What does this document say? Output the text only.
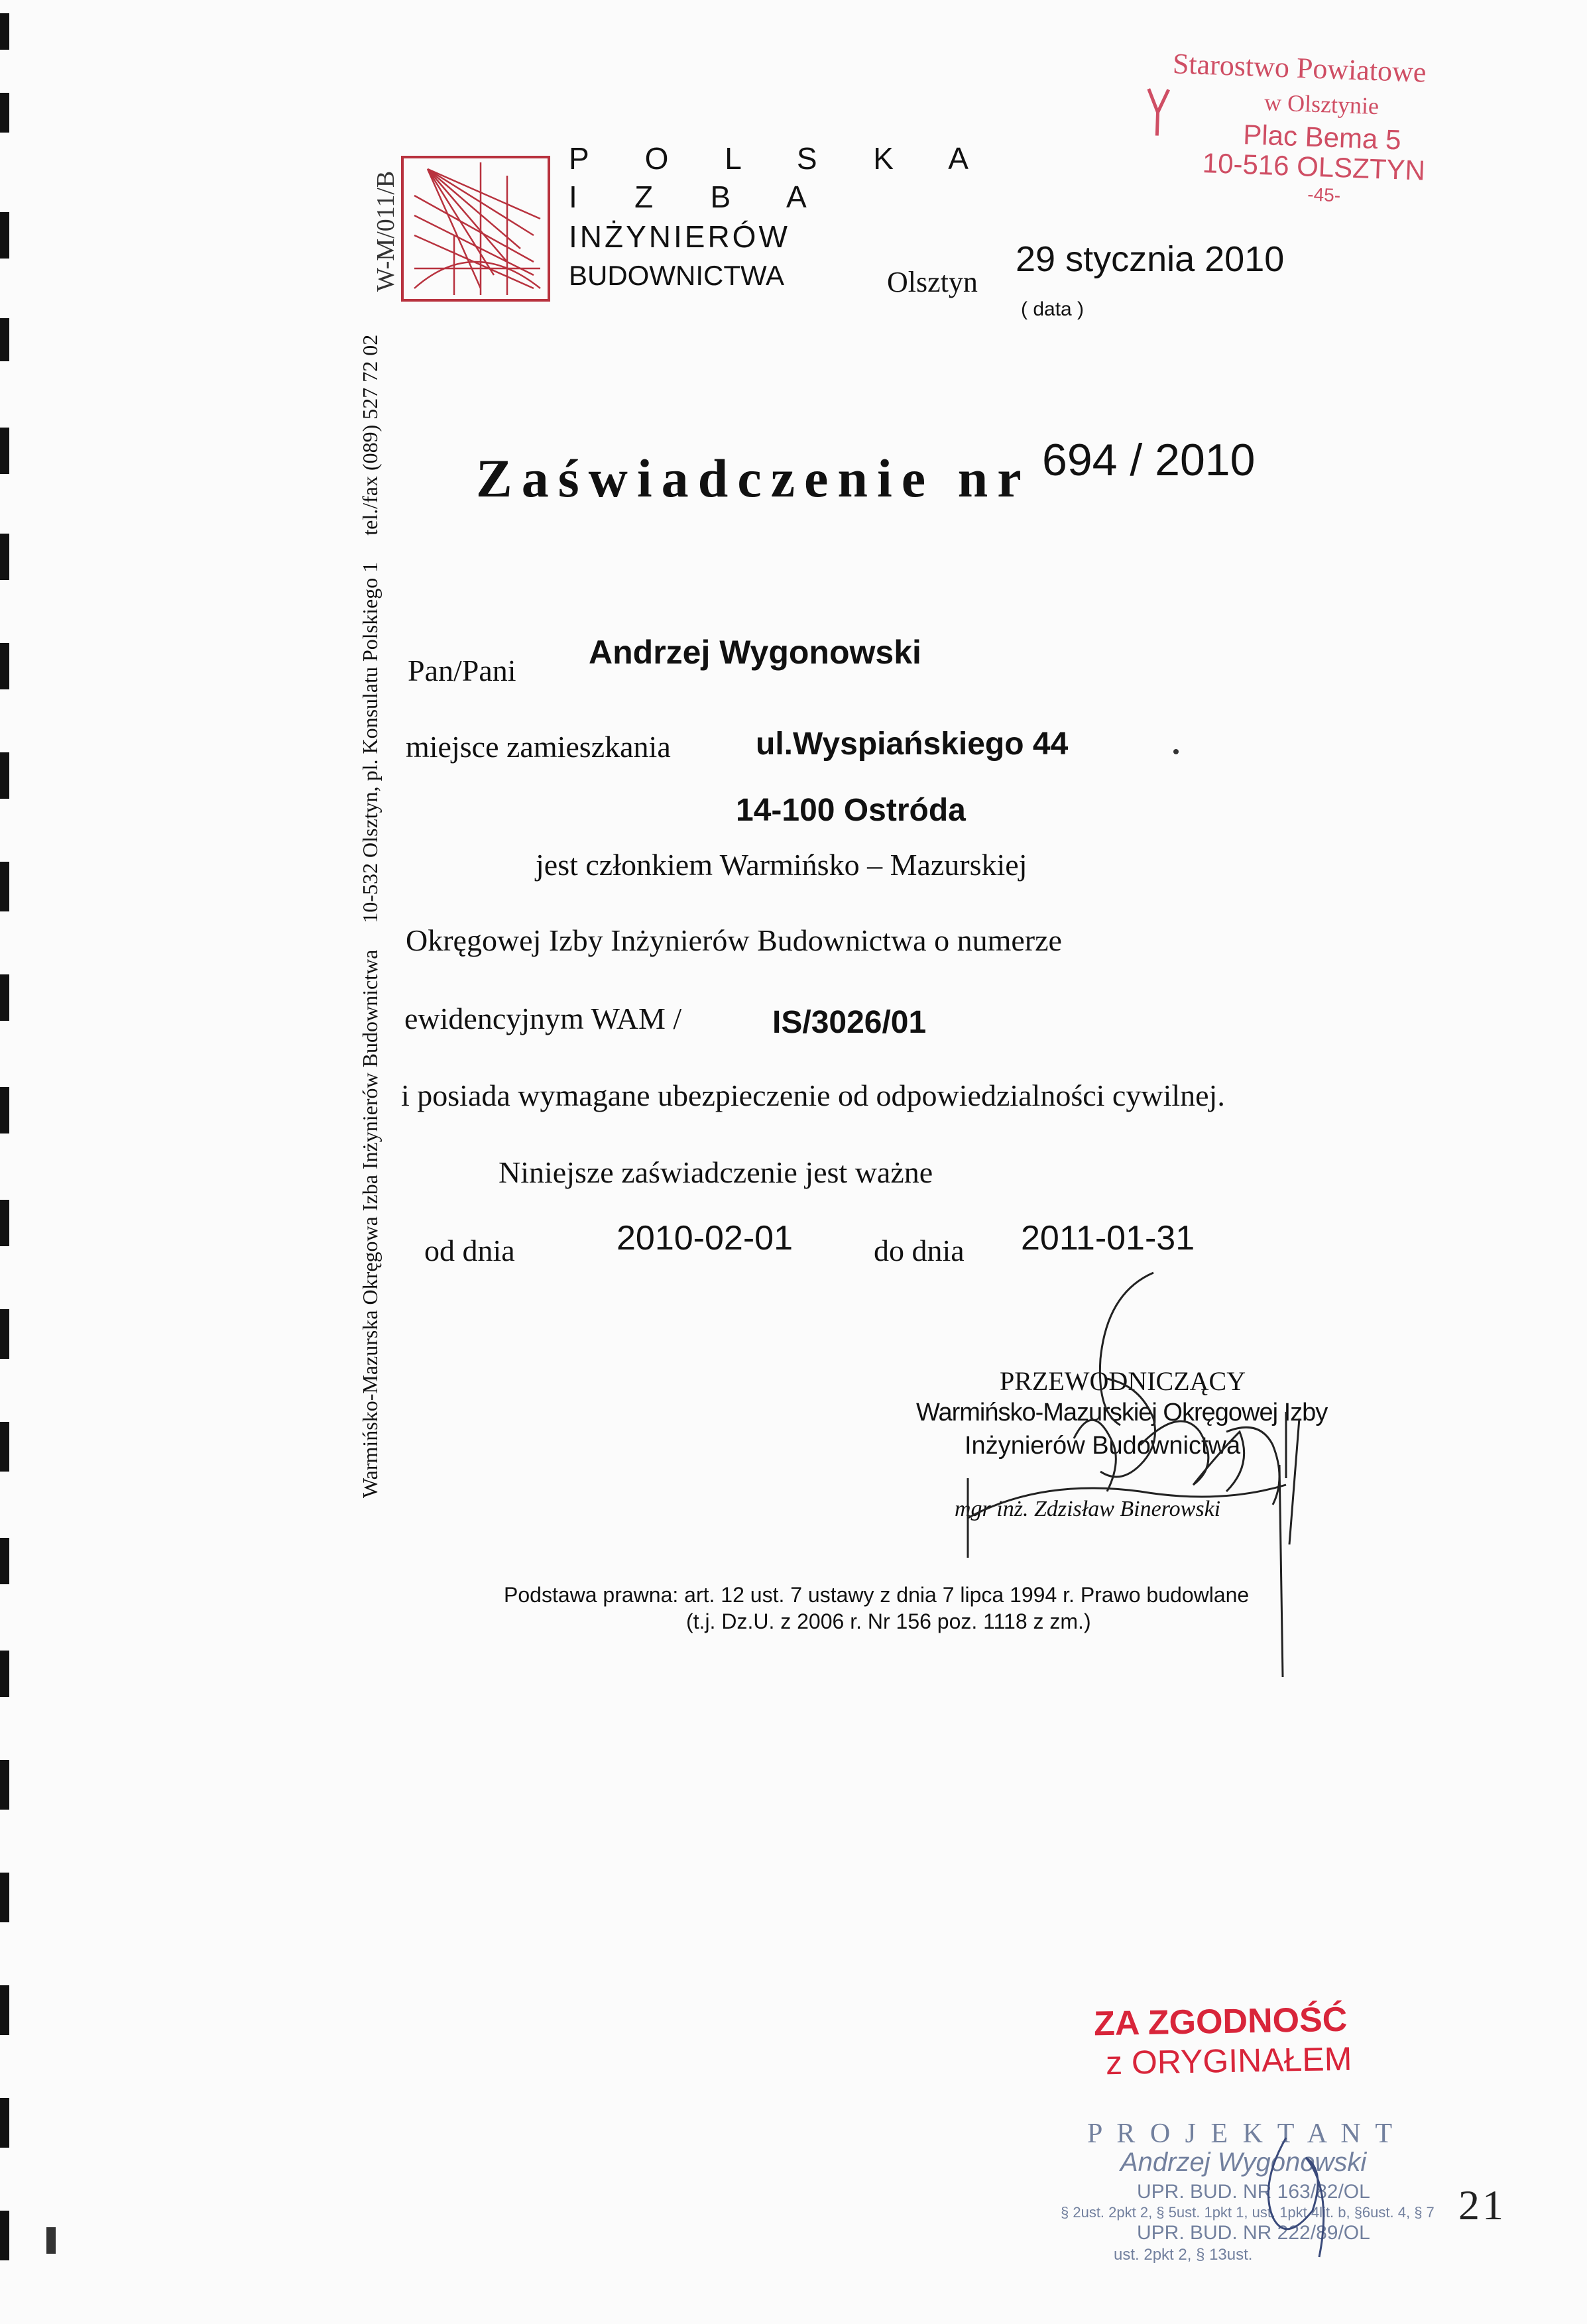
Starostwo Powiatowe
w Olsztynie
Plac Bema 5
10-516 OLSZTYN
-45-
W-M/011/B
P O L S K A
I   Z   B   A
INŻYNIERÓW
BUDOWNICTWA
Warmińsko-Mazurska Okręgowa Izba Inżynierów Budownictwa     10-532 Olsztyn, pl. Konsulatu Polskiego 1     tel./fax (089) 527 72 02
Olsztyn
29 stycznia 2010
( data )
Zaświadczenie nr 694 / 2010
Pan/Pani Andrzej Wygonowski
miejsce zamieszkania	ul.Wyspiańskiego 44
14-100 Ostróda
jest członkiem Warmińsko – Mazurskiej
Okręgowej Izby Inżynierów Budownictwa o numerze
ewidencyjnym WAM /	IS/3026/01
i posiada wymagane ubezpieczenie od odpowiedzialności cywilnej.
Niniejsze zaświadczenie jest ważne
od dnia	2010-02-01	do dnia 2011-01-31
PRZEWODNICZĄCY
Warmińsko-Mazurskiej Okręgowej Izby
Inżynierów Budownictwa
mgr inż. Zdzisław Binerowski
Podstawa prawna: art. 12 ust. 7 ustawy z dnia 7 lipca 1994 r. Prawo budowlane
(t.j. Dz.U. z 2006 r. Nr 156 poz. 1118 z zm.)
ZA ZGODNOŚĆ
z ORYGINAŁEM
P R O J E K T A N T
Andrzej Wygonowski
UPR. BUD. NR 163/82/OL
§ 2ust. 2pkt 2, § 5ust. 1pkt 1, ust. 1pkt 4lit. b, §6ust. 4, § 7
UPR. BUD. NR 222/89/OL
ust. 2pkt 2, § 13ust.
21
